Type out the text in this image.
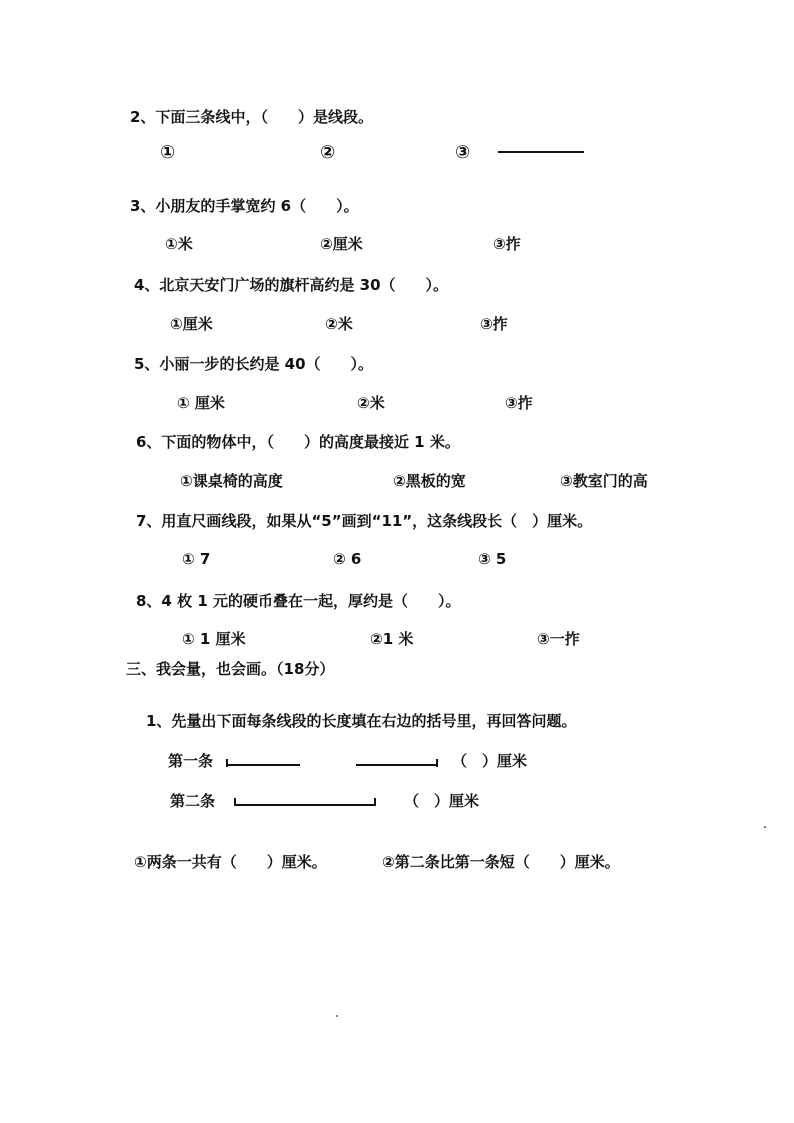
2、下面三条线中，（　　）是线段。
①	②	③
3、小朋友的手掌宽约 6（　　）。
①米	②厘米	③拃
4、北京天安门广场的旗杆高约是 30（　　）。
①厘米	②米	③拃
5、小丽一步的长约是 40（　　）。
① 厘米	②米	③拃
6、下面的物体中，（　　）的高度最接近 1 米。
①课桌椅的高度	②黑板的宽	③教室门的高
7、用直尺画线段，如果从“5”画到“11”，这条线段长（　）厘米。
① 7	② 6	③ 5
8、4 枚 1 元的硬币叠在一起，厚约是（　　）。
① 1 厘米	②1 米	③一拃
三、我会量，也会画。（18分）
1、先量出下面每条线段的长度填在右边的括号里，再回答问题。
第一条	（　）厘米
第二条	（　）厘米
①两条一共有（　　）厘米。	②第二条比第一条短（　　）厘米。
